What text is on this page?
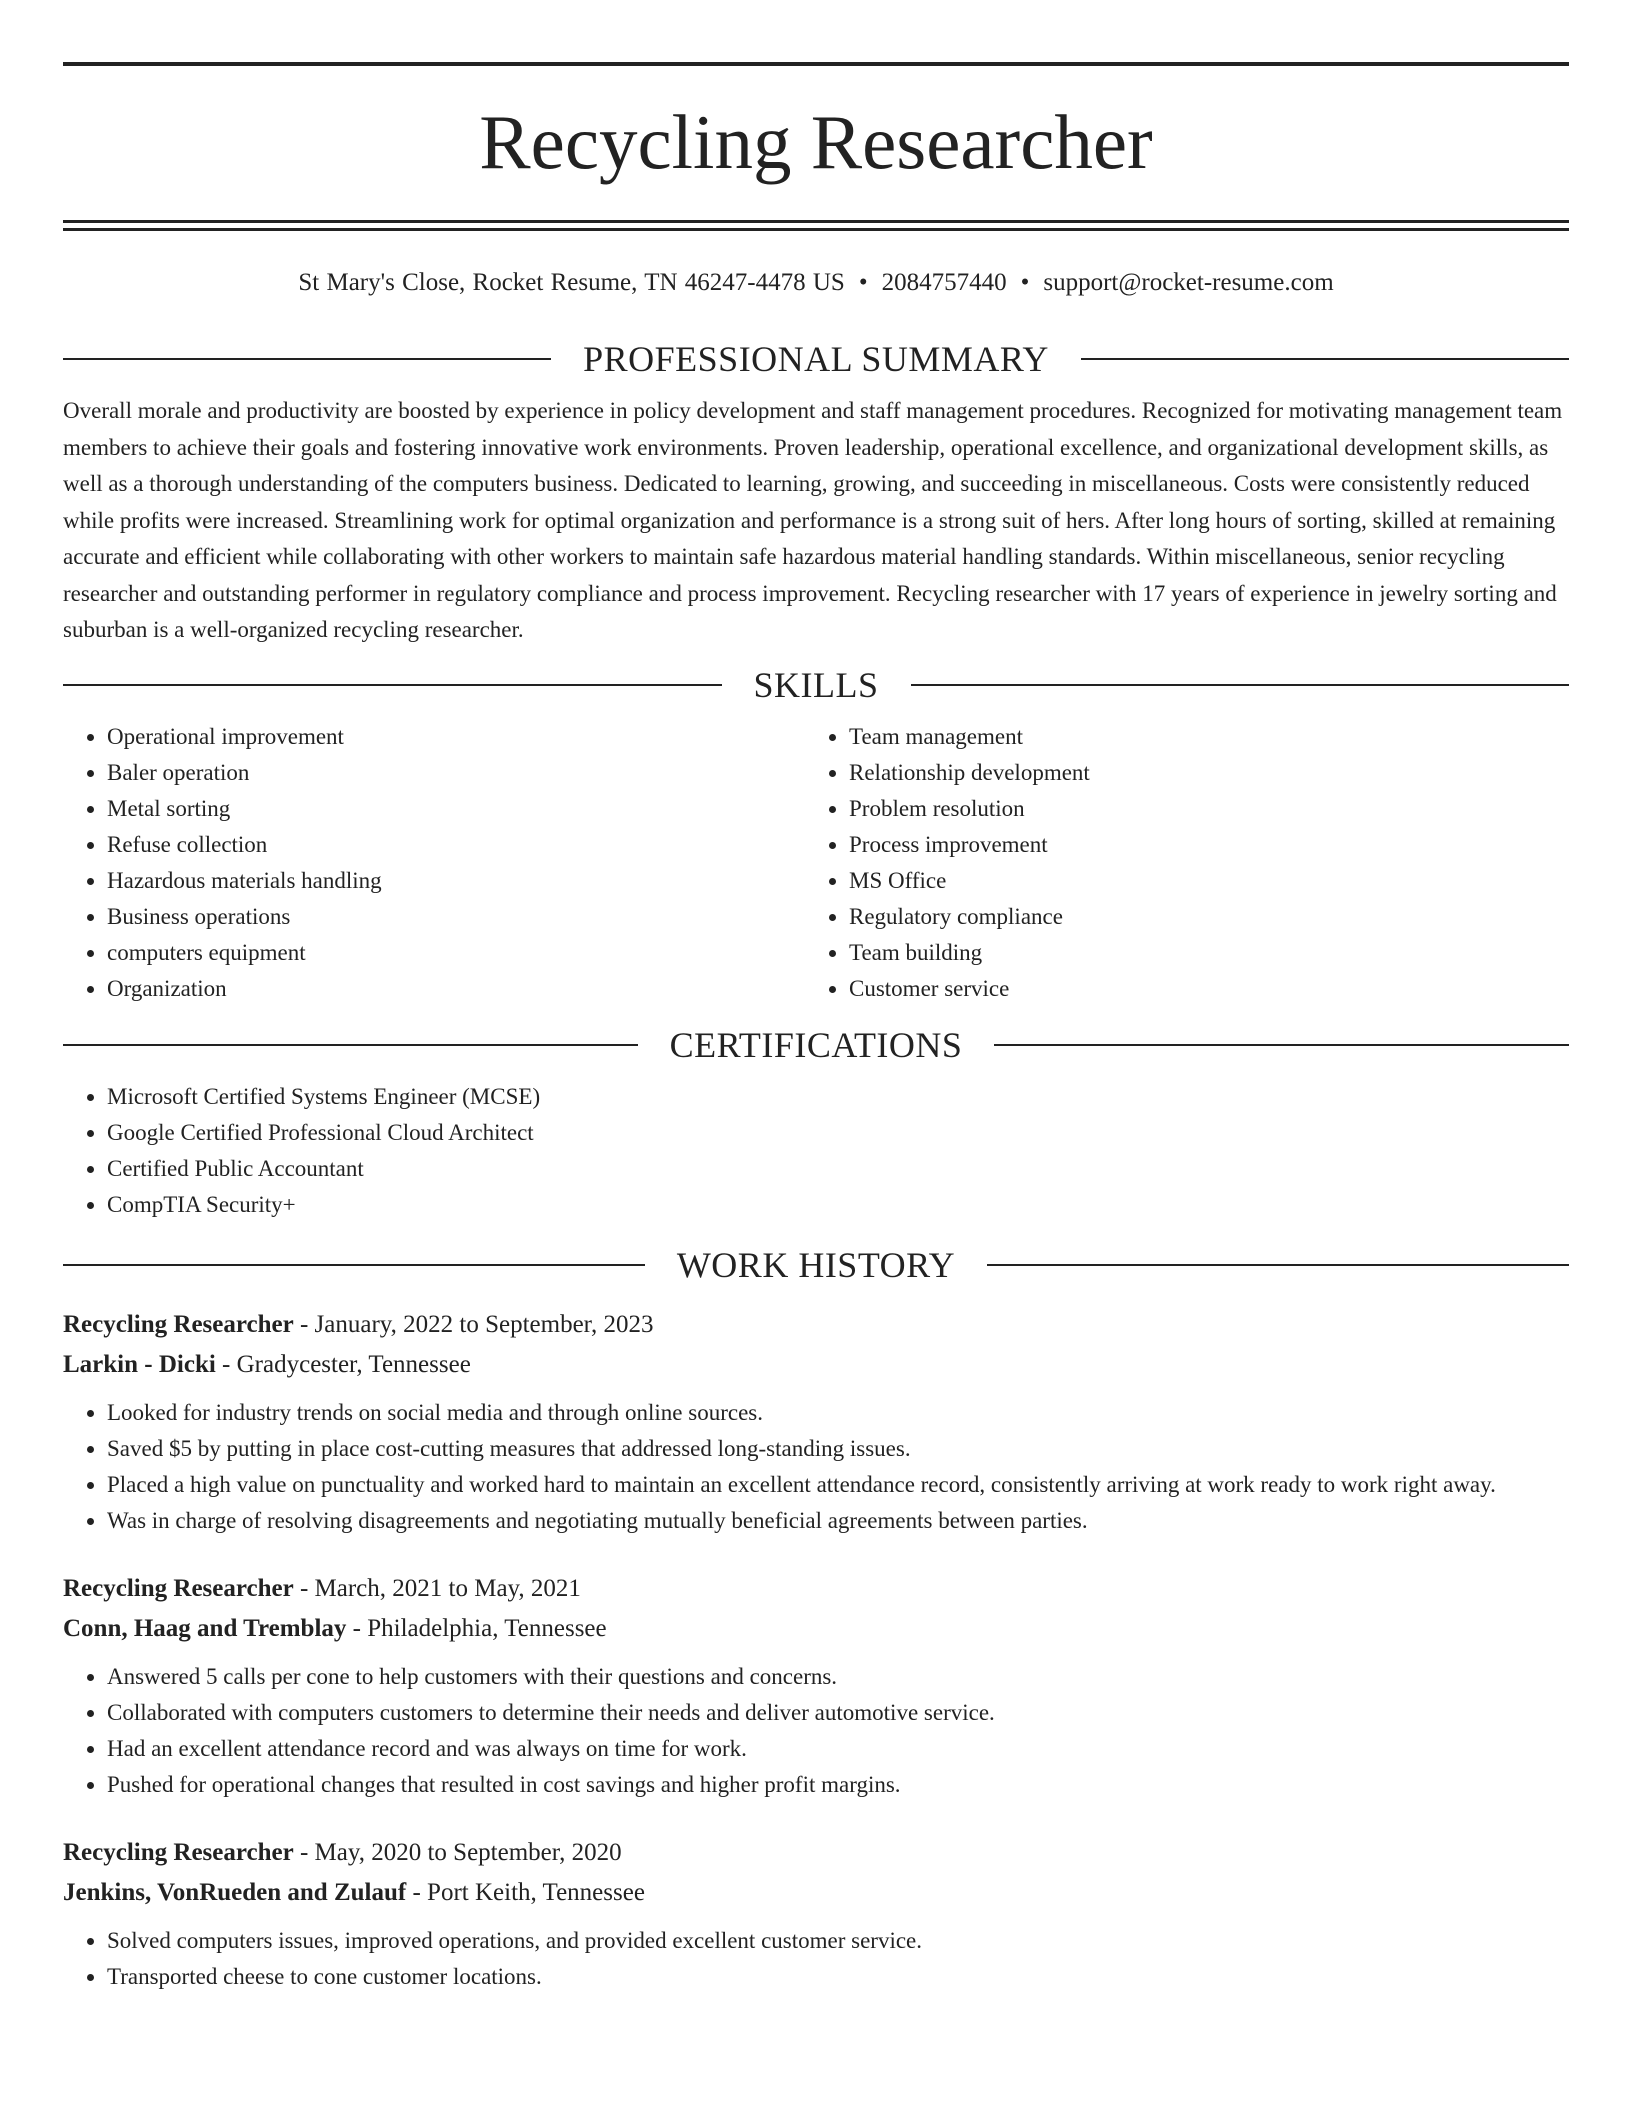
Recycling Researcher
St Mary's Close, Rocket Resume, TN 46247-4478 US • 2084757440 • support@rocket-resume.com
PROFESSIONAL SUMMARY

Overall morale and productivity are boosted by experience in policy development and staff management procedures. Recognized for motivating management team members to achieve their goals and fostering innovative work environments. Proven leadership, operational excellence, and organizational development skills, as well as a thorough understanding of the computers business. Dedicated to learning, growing, and succeeding in miscellaneous. Costs were consistently reduced while profits were increased. Streamlining work for optimal organization and performance is a strong suit of hers. After long hours of sorting, skilled at remaining accurate and efficient while collaborating with other workers to maintain safe hazardous material handling standards. Within miscellaneous, senior recycling researcher and outstanding performer in regulatory compliance and process improvement. Recycling researcher with 17 years of experience in jewelry sorting and suburban is a well-organized recycling researcher.

SKILLS
• Operational improvement
• Baler operation
• Metal sorting
• Refuse collection
• Hazardous materials handling
• Business operations
• computers equipment
• Organization
• Team management
• Relationship development
• Problem resolution
• Process improvement
• MS Office
• Regulatory compliance
• Team building
• Customer service
CERTIFICATIONS
• Microsoft Certified Systems Engineer (MCSE)
• Google Certified Professional Cloud Architect
• Certified Public Accountant
• CompTIA Security+
WORK HISTORY
Recycling Researcher - January, 2022 to September, 2023
Larkin - Dicki - Gradycester, Tennessee
• Looked for industry trends on social media and through online sources.
• Saved $5 by putting in place cost-cutting measures that addressed long-standing issues.
• Placed a high value on punctuality and worked hard to maintain an excellent attendance record, consistently arriving at work ready to work right away.
• Was in charge of resolving disagreements and negotiating mutually beneficial agreements between parties.
Recycling Researcher - March, 2021 to May, 2021
Conn, Haag and Tremblay - Philadelphia, Tennessee
• Answered 5 calls per cone to help customers with their questions and concerns.
• Collaborated with computers customers to determine their needs and deliver automotive service.
• Had an excellent attendance record and was always on time for work.
• Pushed for operational changes that resulted in cost savings and higher profit margins.
Recycling Researcher - May, 2020 to September, 2020
Jenkins, VonRueden and Zulauf - Port Keith, Tennessee
• Solved computers issues, improved operations, and provided excellent customer service.
• Transported cheese to cone customer locations.
